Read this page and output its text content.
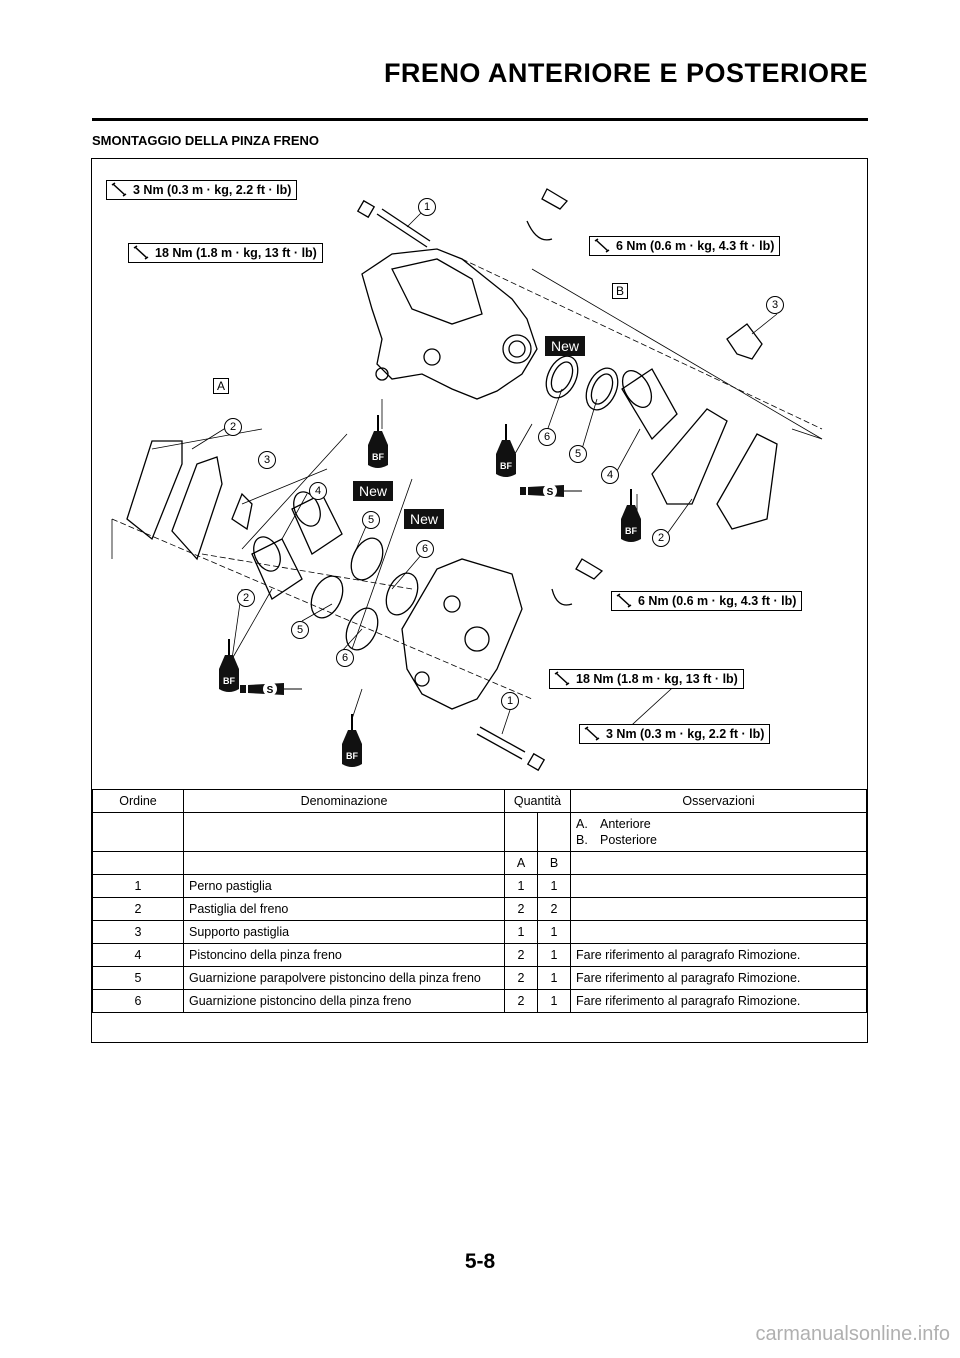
FRENO ANTERIORE E POSTERIORE
SMONTAGGIO DELLA PINZA FRENO
3 Nm (0.3 m · kg, 2.2 ft · lb)
18 Nm (1.8 m · kg, 13 ft · lb)	6 Nm (0.6 m · kg, 4.3 ft · lb)
6 Nm (0.6 m · kg, 4.3 ft · lb)
18 Nm (1.8 m · kg, 13 ft · lb)
3 Nm (0.3 m · kg, 2.2 ft · lb)
A
B
New
New
New
BF
BF
BF
BF
BF
S
S
1
2
3
4
5
6
6
5
4
2
3
2
5
6
1
Ordine	Denominazione	Quantità		Osservazioni

				A. Anteriore
B. Posteriore

		A	B	
1	Perno pastiglia	1	1	
2	Pastiglia del freno	2	2	
3	Supporto pastiglia	1	1	
4	Pistoncino della pinza freno	2	1	Fare riferimento al paragrafo Rimozione.
5	Guarnizione parapolvere pistoncino della pinza freno	2	1	Fare riferimento al paragrafo Rimozione.
6	Guarnizione pistoncino della pinza freno	2	1	Fare riferimento al paragrafo Rimozione.
5-8
carmanualsonline.info
